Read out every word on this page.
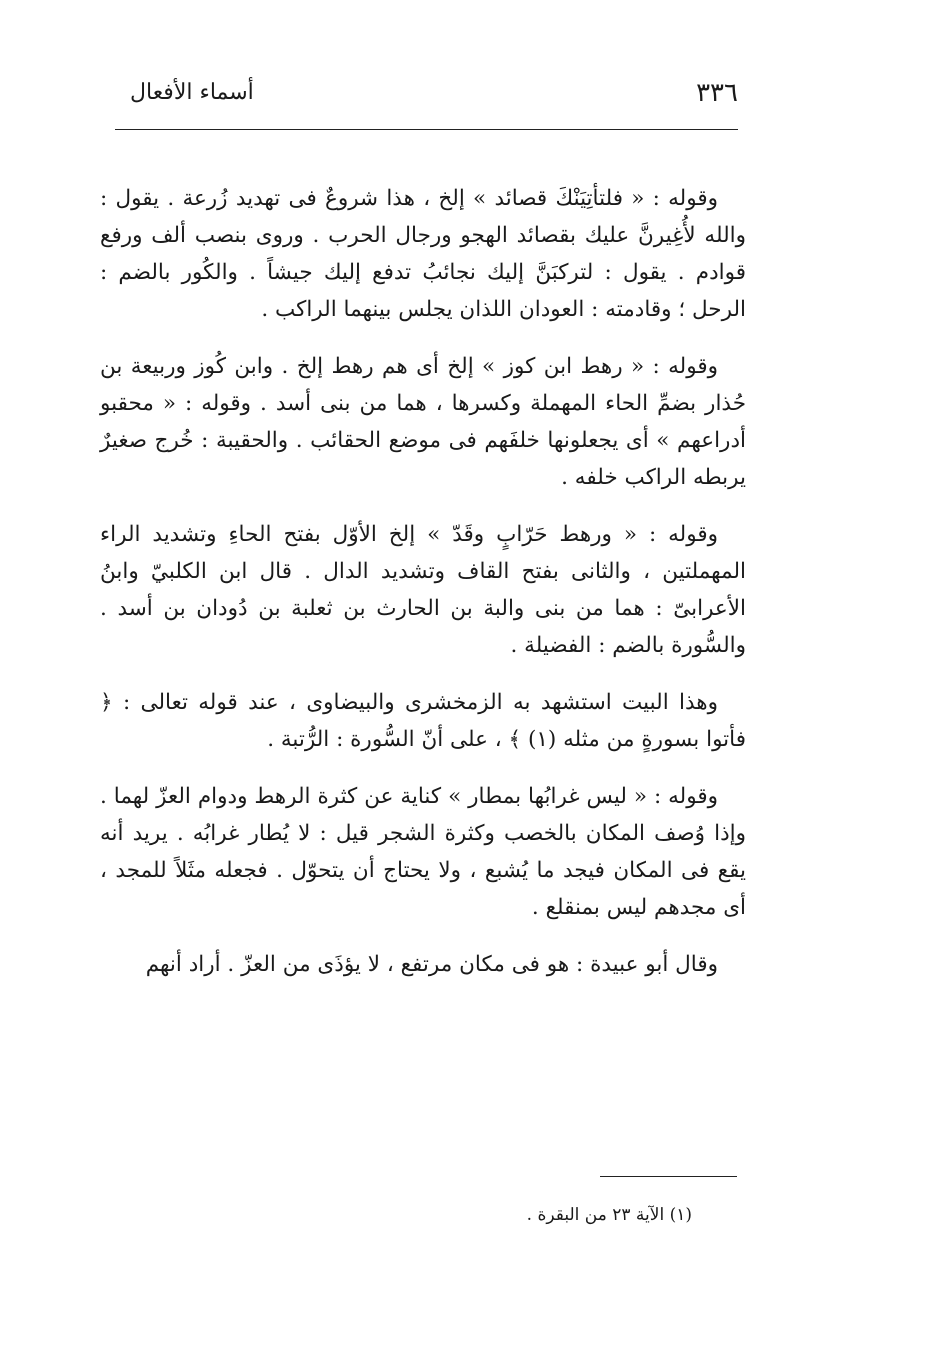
٣٣٦
أسماء الأفعال

وقوله : « فلتأتِيَنْكَ قصائد » إلخ ، هذا شروعٌ فى تهديد زُرعة . يقول : والله لأُغِيرنَّ عليك بقصائد الهجو ورجال الحرب . وروى بنصب ألف ورفع قوادم . يقول : لتركبَنَّ إليك نجائبُ تدفع إليك جيشاً . والكُور بالضم : الرحل ؛ وقادمته : العودان اللذان يجلس بينهما الراكب .

وقوله : « رهط ابن كوز » إلخ أى هم رهط إلخ . وابن كُوز وربيعة بن حُذار بضمِّ الحاء المهملة وكسرها ، هما من بنى أسد . وقوله : « محقبو أدراعهم » أى يجعلونها خلفَهم فى موضع الحقائب . والحقيبة : خُرج صغيرٌ يربطه الراكب خلفه .

وقوله : « ورهط حَرّابٍ وقَدّ » إلخ الأوّل بفتح الحاءِ وتشديد الراء المهملتين ، والثانى بفتح القاف وتشديد الدال . قال ابن الكلبيّ وابنُ الأعرابىّ : هما من بنى والبة بن الحارث بن ثعلبة بن دُودان بن أسد . والسُّورة بالضم : الفضيلة .

وهذا البيت استشهد به الزمخشرى والبيضاوى ، عند قوله تعالى : ﴿ فأتوا بسورةٍ من مثله (١) ﴾ ، على أنّ السُّورة : الرُّتبة .

وقوله : « ليس غرابُها بمطار » كناية عن كثرة الرهط ودوام العزّ لهما . وإذا وُصف المكان بالخصب وكثرة الشجر قيل : لا يُطار غرابُه . يريد أنه يقع فى المكان فيجد ما يُشبع ، ولا يحتاج أن يتحوّل . فجعله مثَلاً للمجد ، أى مجدهم ليس بمنقلع .

وقال أبو عبيدة : هو فى مكان مرتفع ، لا يؤذَى من العزّ . أراد أنهم

(١) الآية ٢٣ من البقرة .
